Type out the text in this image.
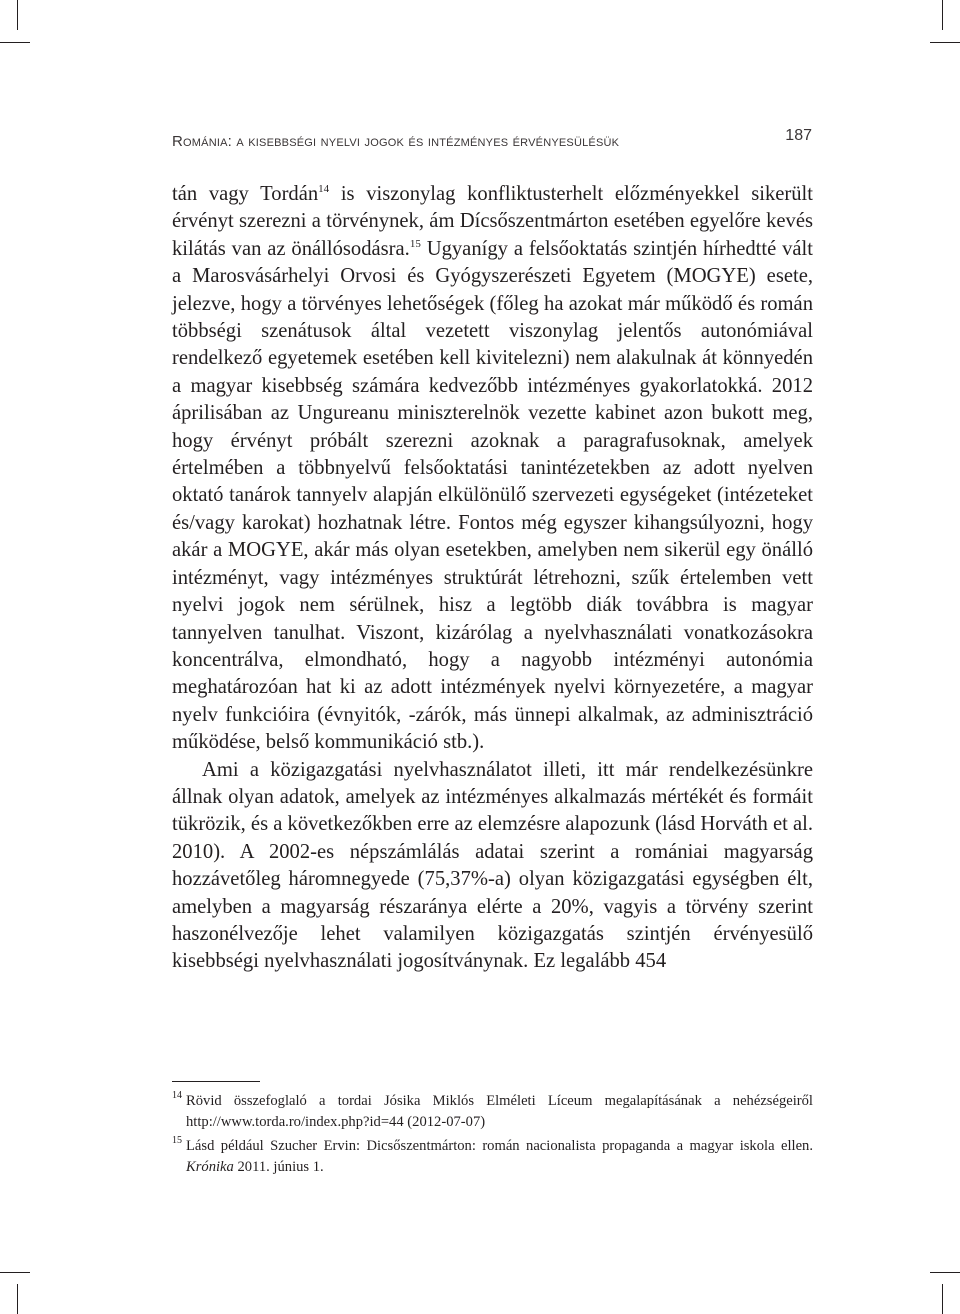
Románia: a kisebbségi nyelvi jogok és intézményes érvényesülésük	187

tán vagy Tordán$^{14}$ is viszonylag konfliktusterhelt előzményekkel sikerült érvényt szerezni a törvénynek, ám Dícsőszentmárton esetében egyelőre kevés kilátás van az önállósodásra.$^{15}$ Ugyanígy a felsőoktatás szintjén hírhedtté vált a Marosvásárhelyi Orvosi és Gyógyszerészeti Egyetem (MOGYE) esete, jelezve, hogy a törvényes lehetőségek (főleg ha azokat már működő és román többségi szenátusok által vezetett viszonylag jelentős autonómiával rendelkező egyetemek esetében kell kivitelezni) nem alakulnak át könnyedén a magyar kisebbség számára kedvezőbb intézményes gyakorlatokká. 2012 áprilisában az Ungureanu miniszterelnök vezette kabinet azon bukott meg, hogy érvényt próbált szerezni azoknak a paragrafusoknak, amelyek értelmében a többnyelvű felsőoktatási tanintézetekben az adott nyelven oktató tanárok tannyelv alapján elkülönülő szervezeti egységeket (intézeteket és/vagy karokat) hozhatnak létre. Fontos még egyszer kihangsúlyozni, hogy akár a MOGYE, akár más olyan esetekben, amelyben nem sikerül egy önálló intézményt, vagy intézményes struktúrát létrehozni, szűk értelemben vett nyelvi jogok nem sérülnek, hisz a legtöbb diák továbbra is magyar tannyelven tanulhat. Viszont, kizárólag a nyelvhasználati vonatkozásokra koncentrálva, elmondható, hogy a nagyobb intézményi autonómia meghatározóan hat ki az adott intézmények nyelvi környezetére, a magyar nyelv funkcióira (évnyitók, -zárók, más ünnepi alkalmak, az adminisztráció működése, belső kommunikáció stb.).

Ami a közigazgatási nyelvhasználatot illeti, itt már rendelkezésünkre állnak olyan adatok, amelyek az intézményes alkalmazás mértékét és formáit tükrözik, és a következőkben erre az elemzésre alapozunk (lásd Horváth et al. 2010). A 2002-es népszámlálás adatai szerint a romániai magyarság hozzávetőleg háromnegyede (75,37%-a) olyan közigazgatási egységben élt, amelyben a magyarság részaránya elérte a 20%, vagyis a törvény szerint haszonélvezője lehet valamilyen közigazgatás szintjén érvényesülő kisebbségi nyelvhasználati jogosítványnak. Ez legalább 454

14 Rövid összefoglaló a tordai Jósika Miklós Elméleti Líceum megalapításának a nehézségeiről http://www.torda.ro/index.php?id=44 (2012-07-07)
15 Lásd például Szucher Ervin: Dicsőszentmárton: román nacionalista propaganda a magyar iskola ellen. Krónika 2011. június 1.
